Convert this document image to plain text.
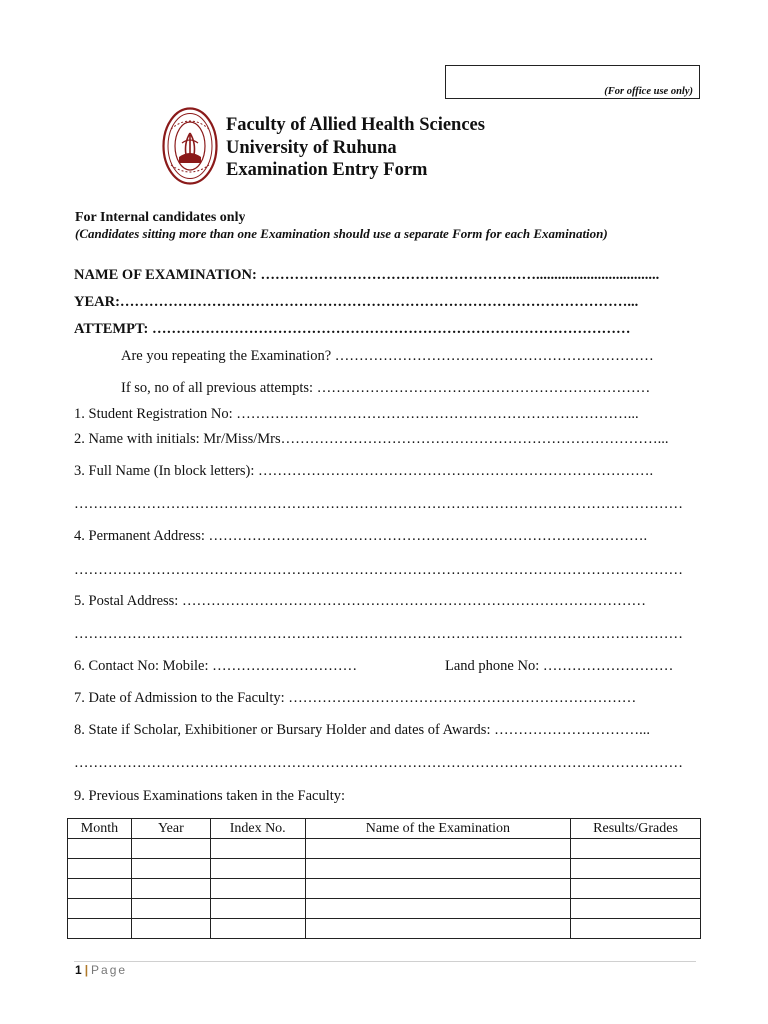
(For office use only)
Faculty of Allied Health Sciences
University of Ruhuna
Examination Entry Form
For Internal candidates only
(Candidates sitting more than one Examination should use a separate Form for each Examination)
NAME OF EXAMINATION: …………………………………………………..................................
YEAR:……………………………………………………………………………………………...
ATTEMPT: ………………………………………………………………………………………
Are you repeating the Examination? …………………………………………………………
If so, no of all previous attempts: ……………………………………………………………
1. Student Registration No: ………………………………………………………………………...
2. Name with initials: Mr/Miss/Mrs……………………………………………………………………...
3. Full Name (In block letters): ……………………………………………………………………….
………………………………………………………………………………………………………………
4. Permanent Address: ……………………………………………………………………………….
………………………………………………………………………………………………………………
5. Postal Address: ……………………………………………………………………………………
………………………………………………………………………………………………………………
6. Contact No: Mobile: …………………………	Land phone No: ………………………
7. Date of Admission to the Faculty: ………………………………………………………………
8. State if Scholar, Exhibitioner or Bursary Holder and dates of Awards: …………………………...
………………………………………………………………………………………………………………
9. Previous Examinations taken in the Faculty:
Month	Year	Index No.	Name of the Examination	Results/Grades

1 | Page
